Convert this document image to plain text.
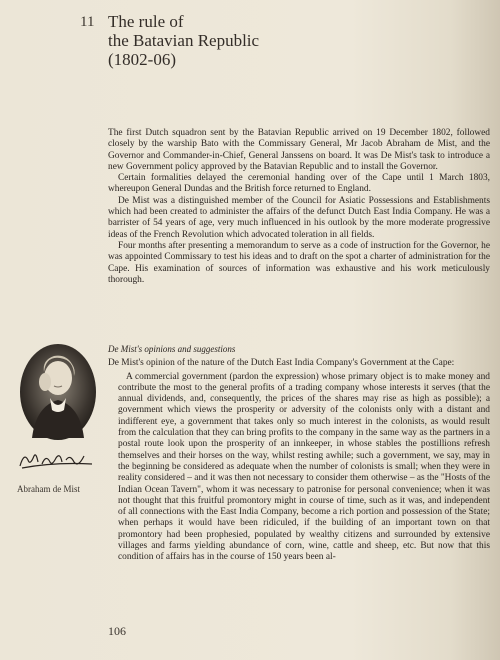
11 The rule of
the Batavian Republic
(1802-06)

The first Dutch squadron sent by the Batavian Republic arrived on 19 December 1802, followed closely by the warship Bato with the Commissary General, Mr Jacob Abraham de Mist, and the Governor and Commander-in-Chief, General Janssens on board. It was De Mist's task to introduce a new Government policy approved by the Batavian Republic and to install the Governor.

Certain formalities delayed the ceremonial handing over of the Cape until 1 March 1803, whereupon General Dundas and the British force returned to England.

De Mist was a distinguished member of the Council for Asiatic Possessions and Establishments which had been created to administer the affairs of the defunct Dutch East India Company. He was a barrister of 54 years of age, very much influenced in his outlook by the more moderate progressive ideas of the French Revolution which advocated toleration in all fields.

Four months after presenting a memorandum to serve as a code of instruction for the Governor, he was appointed Commissary to test his ideas and to draft on the spot a charter of administration for the Cape. His examination of sources of information was exhaustive and his work meticulously thorough.

Abraham de Mist

De Mist's opinions and suggestions

De Mist's opinion of the nature of the Dutch East India Company's Government at the Cape:

A commercial government (pardon the expression) whose primary object is to make money and contribute the most to the general profits of a trading company whose interests it serves (that the annual dividends, and, consequently, the prices of the shares may rise as high as possible); a government which views the prosperity or adversity of the colonists only with a distant and indifferent eye, a government that takes only so much interest in the colonists, as would result from the calculation that they can bring profits to the company in the same way as the partners in a postal route look upon the prosperity of an innkeeper, in whose stables the postillions refresh themselves and their horses on the way, whilst resting awhile; such a government, we say, may in the beginning be considered as adequate when the number of colonists is small; when they were in reality considered – and it was then not necessary to consider them otherwise – as the "Hosts of the Indian Ocean Tavern", whom it was necessary to patronise for personal convenience; when it was not thought that this fruitful promontory might in course of time, such as it was, and independent of all connections with the East India Company, become a rich portion and possession of the State; when perhaps it would have been ridiculed, if the building of an important town on that promontory had been prophesied, populated by wealthy citizens and surrounded by extensive villages and farms yielding abundance of corn, wine, cattle and sheep, etc. But now that this condition of affairs has in the course of 150 years been al-

106
